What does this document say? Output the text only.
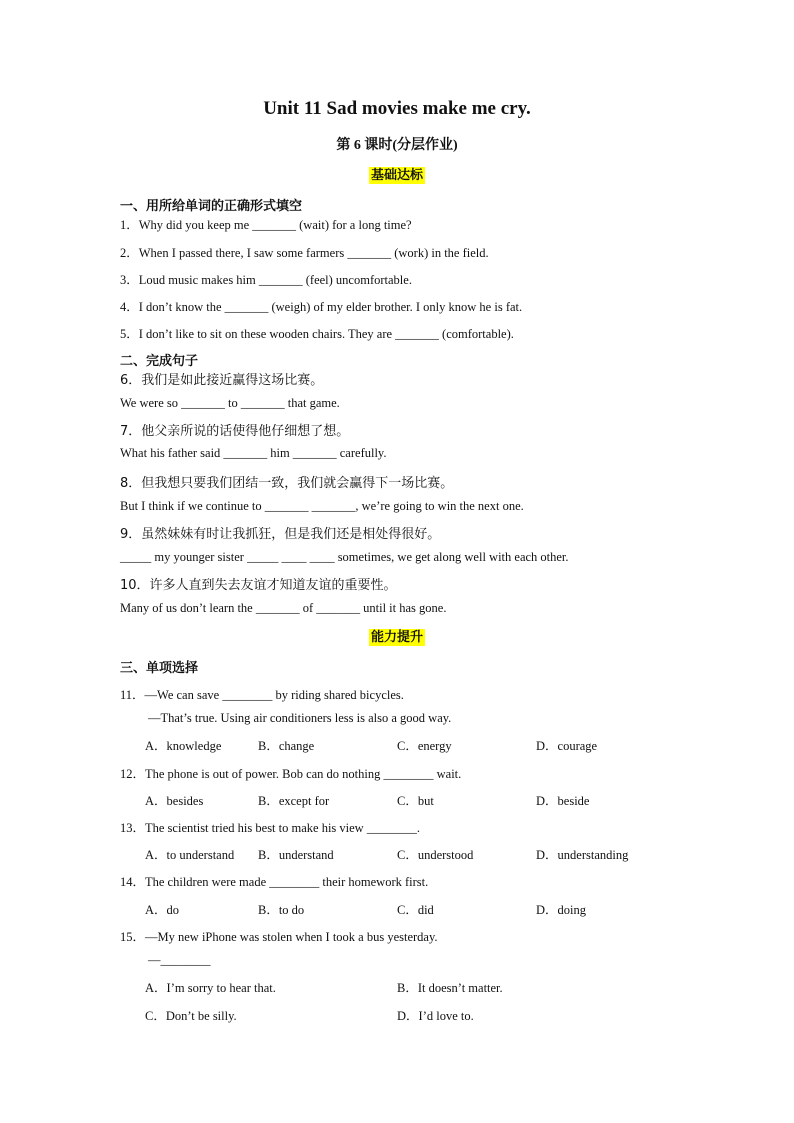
Unit 11 Sad movies make me cry.
第 6 课时(分层作业)
基础达标
一、用所给单词的正确形式填空
1．Why did you keep me _______ (wait) for a long time?
2．When I passed there, I saw some farmers _______ (work) in the field.
3．Loud music makes him _______ (feel) uncomfortable.
4．I don’t know the _______ (weigh) of my elder brother. I only know he is fat.
5．I don’t like to sit on these wooden chairs. They are _______ (comfortable).
二、完成句子
6．我们是如此接近赢得这场比赛。
We were so _______ to _______ that game.
7．他父亲所说的话使得他仔细想了想。
What his father said _______ him _______ carefully.
8．但我想只要我们团结一致，我们就会赢得下一场比赛。
But I think if we continue to _______ _______, we’re going to win the next one.
9．虽然妹妹有时让我抓狂，但是我们还是相处得很好。
_____ my younger sister _____ ____ ____ sometimes, we get along well with each other.
10．许多人直到失去友谊才知道友谊的重要性。
Many of us don’t learn the _______ of _______ until it has gone.
能力提升
三、单项选择
11．—We can save ________ by riding shared bicycles.
—That’s true. Using air conditioners less is also a good way.
A．knowledge	B．change	C．energy	D．courage
12．The phone is out of power. Bob can do nothing ________ wait.
A．besides	B．except for	C．but	D．beside
13．The scientist tried his best to make his view ________.
A．to understand B．understand	C．understood	D．understanding
14．The children were made ________ their homework first.
A．do	B．to do	C．did	D．doing
15．—My new iPhone was stolen when I took a bus yesterday.
—________
A．I’m sorry to hear that.	B．It doesn’t matter.
C．Don’t be silly.	D．I’d love to.
